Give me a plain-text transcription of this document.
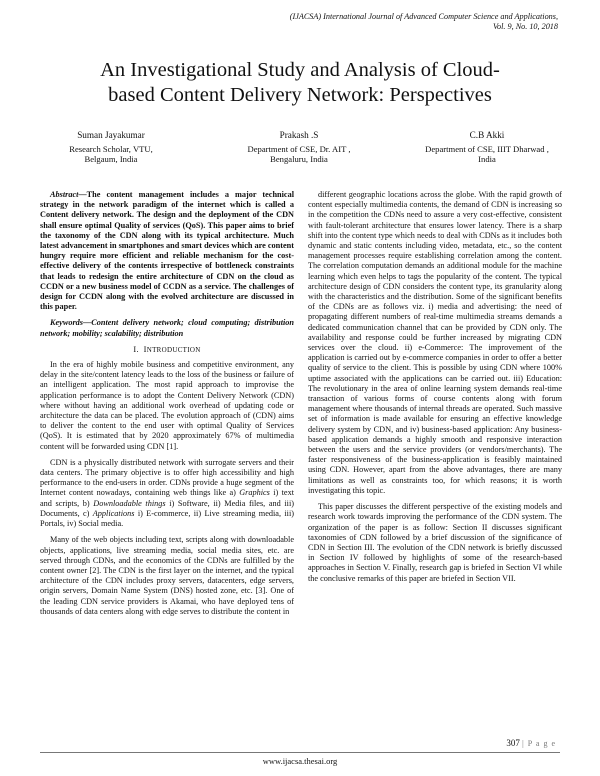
(IJACSA) International Journal of Advanced Computer Science and Applications,
Vol. 9, No. 10, 2018
An Investigational Study and Analysis of Cloud-
based Content Delivery Network: Perspectives
Suman Jayakumar
Research Scholar, VTU,
Belgaum, India
Prakash .S
Department of CSE, Dr. AIT ,
Bengaluru, India
C.B Akki
Department of CSE, IIIT Dharwad ,
India

Abstract—The content management includes a major technical strategy in the network paradigm of the internet which is called a Content delivery network. The design and the deployment of the CDN shall ensure optimal Quality of services (QoS). This paper aims to brief the taxonomy of the CDN along with its typical architecture. Much latest advancement in smartphones and smart devices which are content hungry require more efficient and reliable mechanism for the cost-effective delivery of the contents irrespective of bottleneck constraints that leads to redesign the entire architecture of CDN on the cloud as CCDN or a new business model of CCDN as a service. The challenges of design for CCDN along with the evolved architecture are discussed in this paper.

Keywords—Content delivery network; cloud computing; distribution network; mobility; scalability; distribution

I. INTRODUCTION

In the era of highly mobile business and competitive environment, any delay in the site/content latency leads to the loss of the business or failure of an intelligent application. The most rapid approach to improvise the application performance is to adopt the Content Delivery Network (CDN) where without having an additional work overhead of updating code or architecture the data can be placed. The evolution approach of (CDN) aims to deliver the content to the end user with optimal Quality of Services (QoS). It is estimated that by 2020 approximately 67% of multimedia content will be forwarded using CDN [1].

CDN is a physically distributed network with surrogate servers and their data centers. The primary objective is to offer high accessibility and high performance to the end-users in order. CDNs provide a huge segment of the Internet content nowadays, containing web things like a) Graphics i) text and scripts, b) Downloadable things i) Software, ii) Media files, and iii) Documents, c) Applications i) E-commerce, ii) Live streaming media, iii) Portals, iv) Social media.

Many of the web objects including text, scripts along with downloadable objects, applications, live streaming media, social media sites, etc. are served through CDNs, and the economics of the CDNs are fulfilled by the content owner [2]. The CDN is the first layer on the internet, and the typical architecture of the CDN includes proxy servers, datacenters, edge servers, origin servers, Domain Name System (DNS) hosted zone, etc. [3]. One of the leading CDN service providers is Akamai, who have deployed tens of thousands of data centers along with edge serves to distribute the content in

different geographic locations across the globe. With the rapid growth of content especially multimedia contents, the demand of CDN is increasing so in the competition the CDNs need to assure a very cost-effective, consistent with fault-tolerant architecture that ensures lower latency. There is a sharp shift into the content type which needs to deal with CDNs as it includes both dynamic and static contents including video, metadata, etc., so the content management processes require establishing correlation among the content. The correlation computation demands an additional module for the machine learning which even helps to tags the popularity of the content. The typical architecture design of CDN considers the content type, its granularity along with the characteristics and the distribution. Some of the significant benefits of the CDNs are as follows viz. i) media and advertising: the need of propagating different numbers of real-time multimedia streams demands a dedicated communication channel that can be provided by CDN only. The availability and response could be further increased by migrating CDN services over the cloud. ii) e-Commerce: The improvement of the application is carried out by e-commerce companies in order to offer a better quality of service to the client. This is possible by using CDN where 100% uptime associated with the applications can be carried out. iii) Education: The revolutionary in the area of online learning system demands real-time transaction of various forms of course contents along with forum management where thousands of internal threads are operated. Such massive set of information is made available for ensuring an effective knowledge delivery system by CDN, and iv) business-based application: Any business-based application demands a highly smooth and responsive interaction between the users and the service providers (or vendors/merchants). The faster responsiveness of the business-application is feasibly maintained using CDN. However, apart from the above advantages, there are many limitations as well as constraints too, for which reasons; it is worth investigating this topic.

This paper discusses the different perspective of the existing models and research work towards improving the performance of the CDN system. The organization of the paper is as follow: Section II discusses significant taxonomies of CDN followed by a brief discussion of the significance of CDN in Section III. The evolution of the CDN network is briefly discussed in Section IV followed by highlights of some of the research-based approaches in Section V. Finally, research gap is briefed in Section VI while the conclusive remarks of this paper are briefed in Section VII.

307 | P a g e
www.ijacsa.thesai.org
